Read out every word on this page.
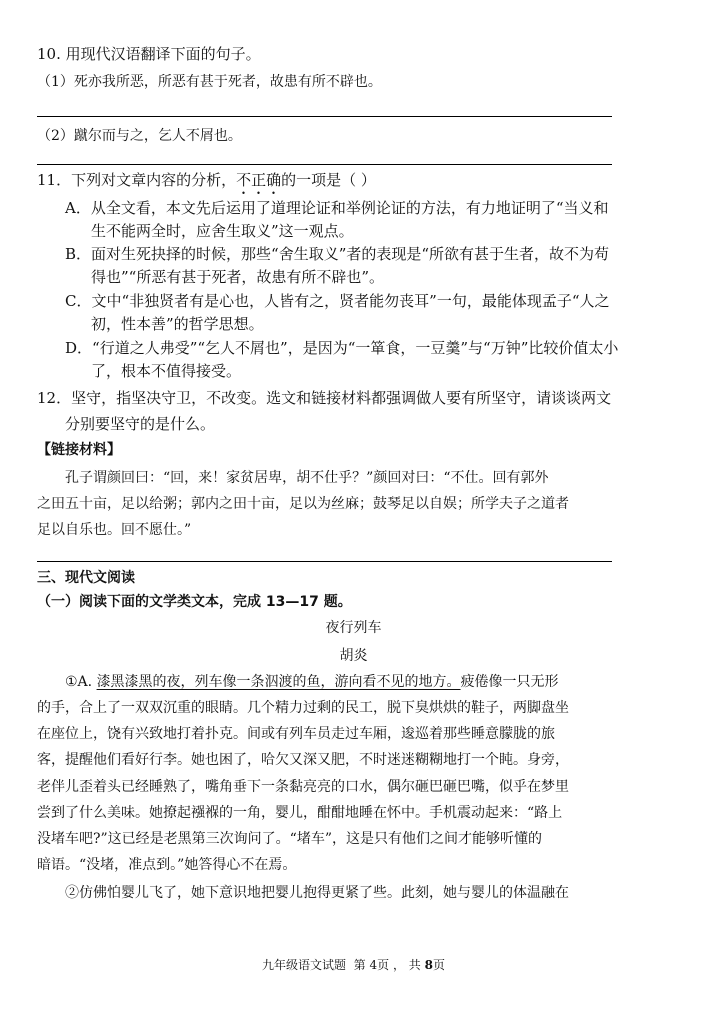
10. 用现代汉语翻译下面的句子。
（1）死亦我所恶，所恶有甚于死者，故患有所不辟也。
（2）蹴尔而与之，乞人不屑也。
11．下列对文章内容的分析，不正确的一项是（ ）
A．从全文看，本文先后运用了道理论证和举例论证的方法，有力地证明了“当义和
生不能两全时，应舍生取义”这一观点。
B．面对生死抉择的时候，那些“舍生取义”者的表现是“所欲有甚于生者，故不为苟
得也”“所恶有甚于死者，故患有所不辟也”。
C．文中“非独贤者有是心也，人皆有之，贤者能勿丧耳”一句，最能体现孟子“人之
初，性本善”的哲学思想。
D．“行道之人弗受”“乞人不屑也”，是因为“一箪食，一豆羹”与“万钟”比较价值太小
了，根本不值得接受。
12．坚守，指坚决守卫，不改变。选文和链接材料都强调做人要有所坚守，请谈谈两文
分别要坚守的是什么。
【链接材料】
孔子谓颜回曰：“回，来！家贫居卑，胡不仕乎？”颜回对曰：“不仕。回有郭外
之田五十亩，足以给粥；郭内之田十亩，足以为丝麻；鼓琴足以自娱；所学夫子之道者
足以自乐也。回不愿仕。”
三、现代文阅读
（一）阅读下面的文学类文本，完成 13—17 题。
夜行列车
胡炎
①A. 漆黑漆黑的夜，列车像一条泅渡的鱼，游向看不见的地方。疲倦像一只无形
的手，合上了一双双沉重的眼睛。几个精力过剩的民工，脱下臭烘烘的鞋子，两脚盘坐
在座位上，饶有兴致地打着扑克。间或有列车员走过车厢，逡巡着那些睡意朦胧的旅
客，提醒他们看好行李。她也困了，哈欠又深又肥，不时迷迷糊糊地打一个盹。身旁，
老伴儿歪着头已经睡熟了，嘴角垂下一条黏亮亮的口水，偶尔砸巴砸巴嘴，似乎在梦里
尝到了什么美味。她撩起襁褓的一角，婴儿，酣酣地睡在怀中。手机震动起来：“路上
没堵车吧?”这已经是老黑第三次询问了。“堵车”，这是只有他们之间才能够听懂的
暗语。“没堵，准点到。”她答得心不在焉。
②仿佛怕婴儿飞了，她下意识地把婴儿抱得更紧了些。此刻，她与婴儿的体温融在
九年级语文试题 第 4页 ， 共 8页
